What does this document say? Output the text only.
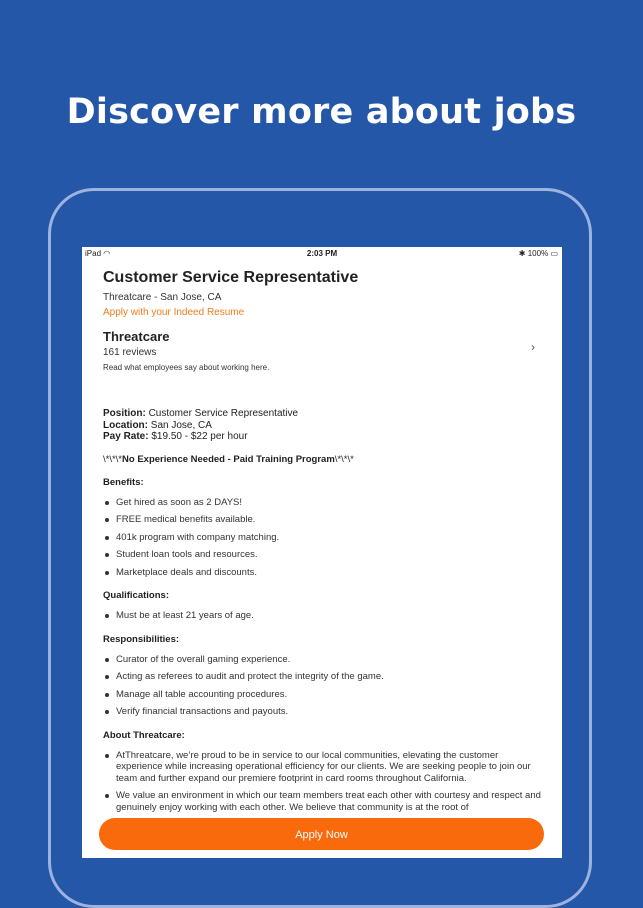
Discover more about jobs
iPad ◠	2:03 PM	✱ 100% ▭
Customer Service Representative
Threatcare - San Jose, CA
Apply with your Indeed Resume
Threatcare
161 reviews
Read what employees say about working here.
›
Position: Customer Service Representative
Location: San Jose, CA
Pay Rate: $19.50 - $22 per hour
\*\*\*No Experience Needed - Paid Training Program\*\*\*
Benefits:
Get hired as soon as 2 DAYS!
FREE medical benefits available.
401k program with company matching.
Student loan tools and resources.
Marketplace deals and discounts.
Qualifications:
Must be at least 21 years of age.
Responsibilities:
Curator of the overall gaming experience.
Acting as referees to audit and protect the integrity of the game.
Manage all table accounting procedures.
Verify financial transactions and payouts.
About Threatcare:
AtThreatcare, we’re proud to be in service to our local communities, elevating the customer experience while increasing operational efficiency for our clients. We are seeking people to join our team and further expand our premiere footprint in card rooms throughout California.
We value an environment in which our team members treat each other with courtesy and respect and genuinely enjoy working with each other. We believe that community is at the root of
Apply Now
